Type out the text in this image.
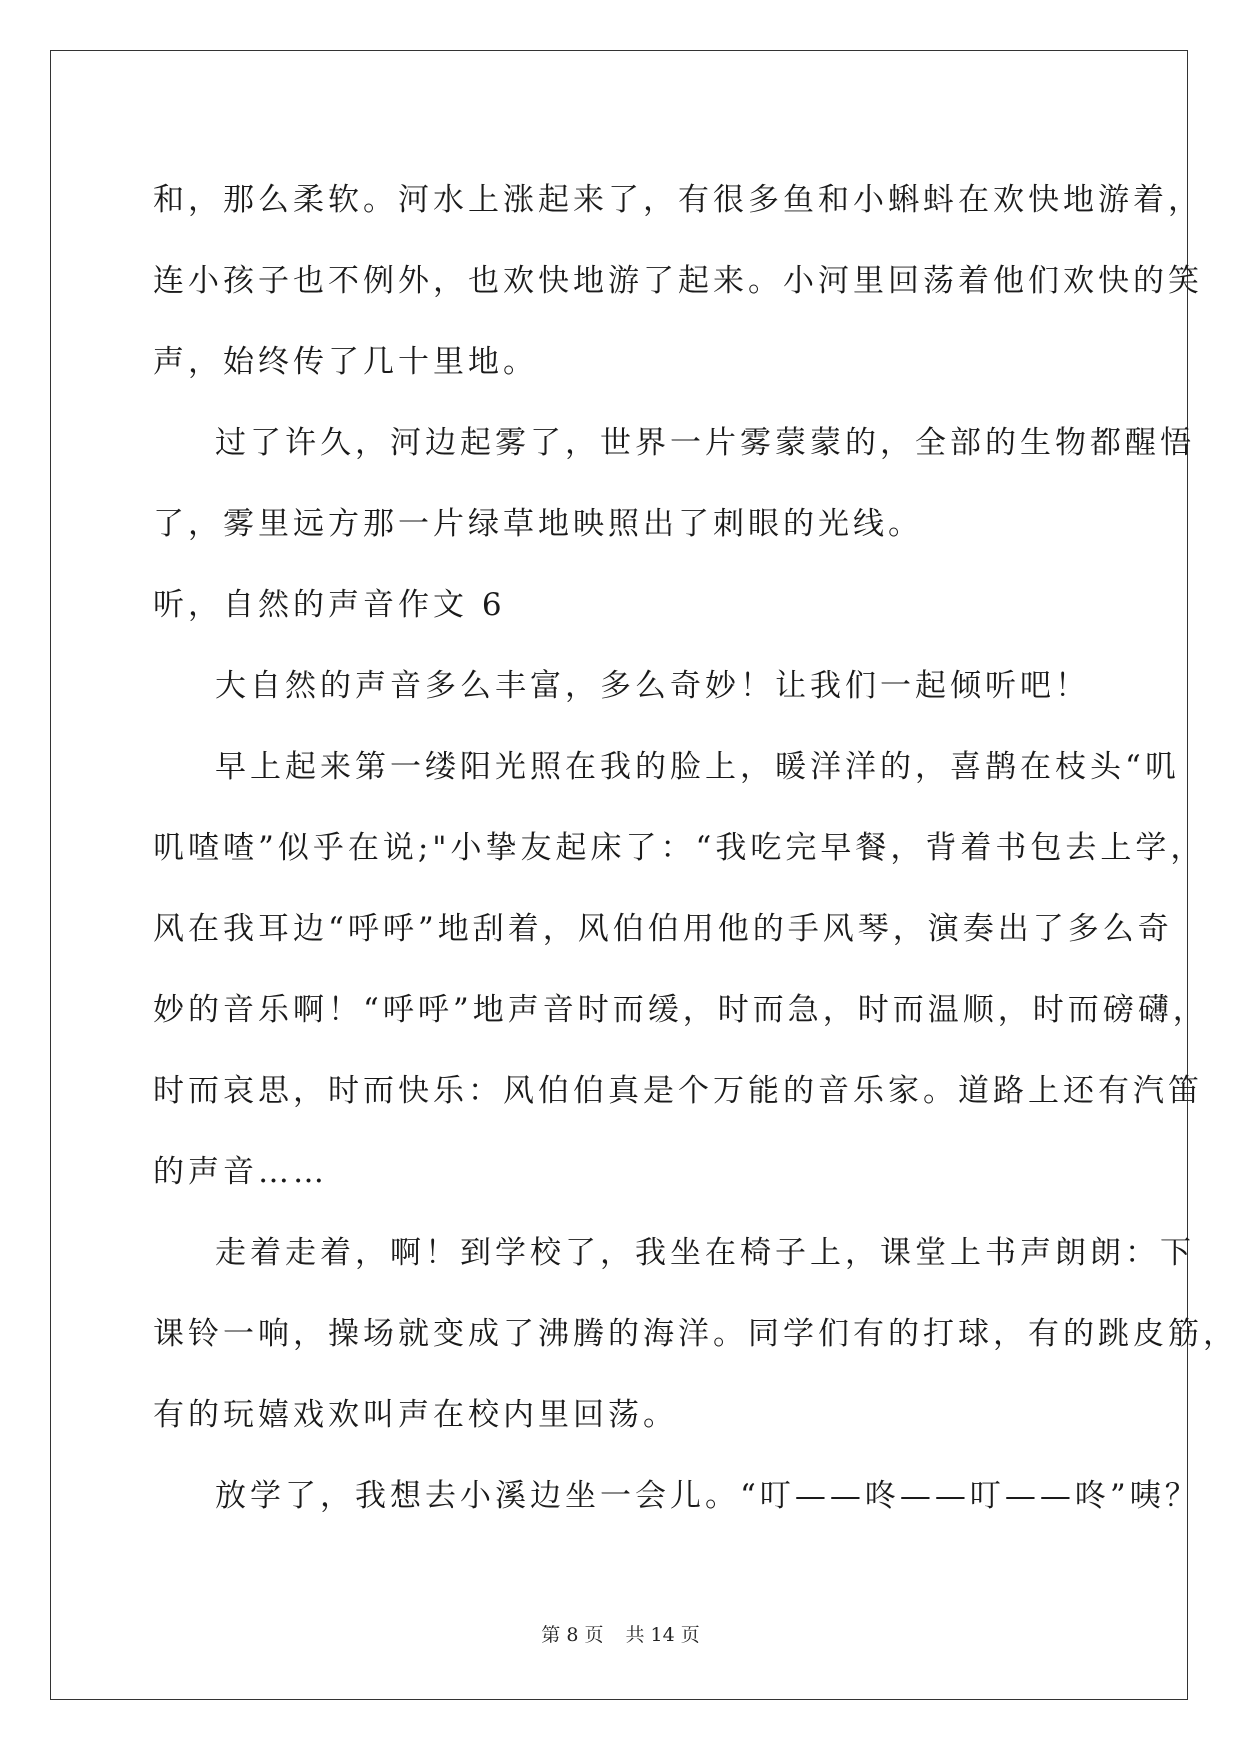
和，那么柔软。河水上涨起来了，有很多鱼和小蝌蚪在欢快地游着，
连小孩子也不例外，也欢快地游了起来。小河里回荡着他们欢快的笑
声，始终传了几十里地。
过了许久，河边起雾了，世界一片雾蒙蒙的，全部的生物都醒悟
了，雾里远方那一片绿草地映照出了刺眼的光线。
听，自然的声音作文 6
大自然的声音多么丰富，多么奇妙！让我们一起倾听吧！
早上起来第一缕阳光照在我的脸上，暖洋洋的，喜鹊在枝头“叽
叽喳喳”似乎在说;"小挚友起床了：“我吃完早餐，背着书包去上学，
风在我耳边“呼呼”地刮着，风伯伯用他的手风琴，演奏出了多么奇
妙的音乐啊！“呼呼”地声音时而缓，时而急，时而温顺，时而磅礴，
时而哀思，时而快乐：风伯伯真是个万能的音乐家。道路上还有汽笛
的声音……
走着走着，啊！到学校了，我坐在椅子上，课堂上书声朗朗：下
课铃一响，操场就变成了沸腾的海洋。同学们有的打球，有的跳皮筋，
有的玩嬉戏欢叫声在校内里回荡。
放学了，我想去小溪边坐一会儿。“叮——咚——叮——咚”咦？
第 8 页 共 14 页
